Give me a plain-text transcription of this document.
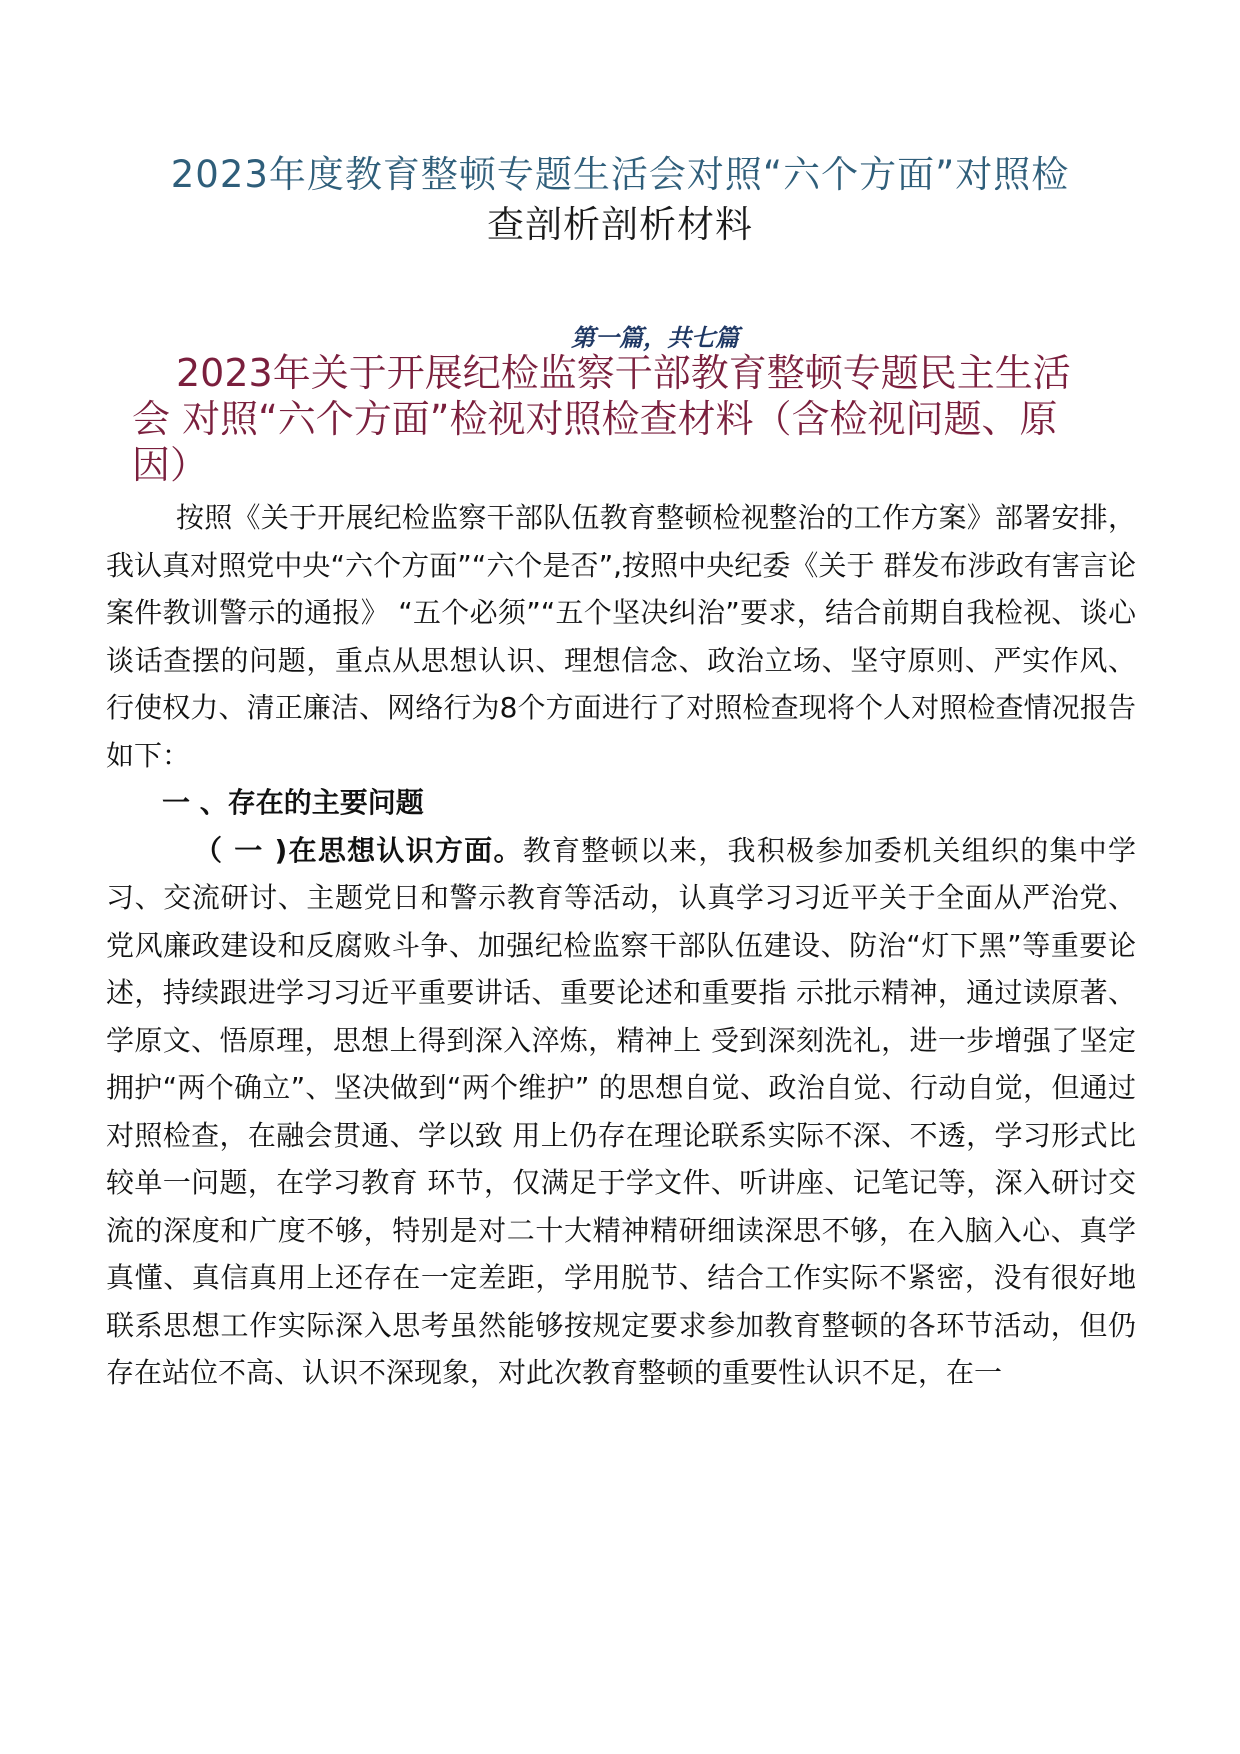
2023年度教育整顿专题生活会对照“六个方面”对照检
查剖析剖析材料
第一篇，共七篇
2023年关于开展纪检监察干部教育整顿专题民主生活
会 对照“六个方面”检视对照检查材料（含检视问题、原
因）

按照《关于开展纪检监察干部队伍教育整顿检视整治的工作方案》部署安排，我认真对照党中央“六个方面”“六个是否”,按照中央纪委《关于 群发布涉政有害言论案件教训警示的通报》 “五个必须”“五个坚决纠治”要求，结合前期自我检视、谈心谈话查摆的问题，重点从思想认识、理想信念、政治立场、坚守原则、严实作风、行使权力、清正廉洁、网络行为8个方面进行了对照检查现将个人对照检查情况报告如下：

一 、存在的主要问题

（ 一 )在思想认识方面。教育整顿以来，我积极参加委机关组织的集中学习、交流研讨、主题党日和警示教育等活动，认真学习习近平关于全面从严治党、党风廉政建设和反腐败斗争、加强纪检监察干部队伍建设、防治“灯下黑”等重要论述，持续跟进学习习近平重要讲话、重要论述和重要指 示批示精神，通过读原著、学原文、悟原理，思想上得到深入淬炼，精神上 受到深刻洗礼，进一步增强了坚定拥护“两个确立”、坚决做到“两个维护” 的思想自觉、政治自觉、行动自觉，但通过对照检查，在融会贯通、学以致 用上仍存在理论联系实际不深、不透，学习形式比较单一问题，在学习教育 环节，仅满足于学文件、听讲座、记笔记等，深入研讨交流的深度和广度不够，特别是对二十大精神精研细读深思不够，在入脑入心、真学真懂、真信真用上还存在一定差距，学用脱节、结合工作实际不紧密，没有很好地联系思想工作实际深入思考虽然能够按规定要求参加教育整顿的各环节活动，但仍存在站位不高、认识不深现象，对此次教育整顿的重要性认识不足，在一
